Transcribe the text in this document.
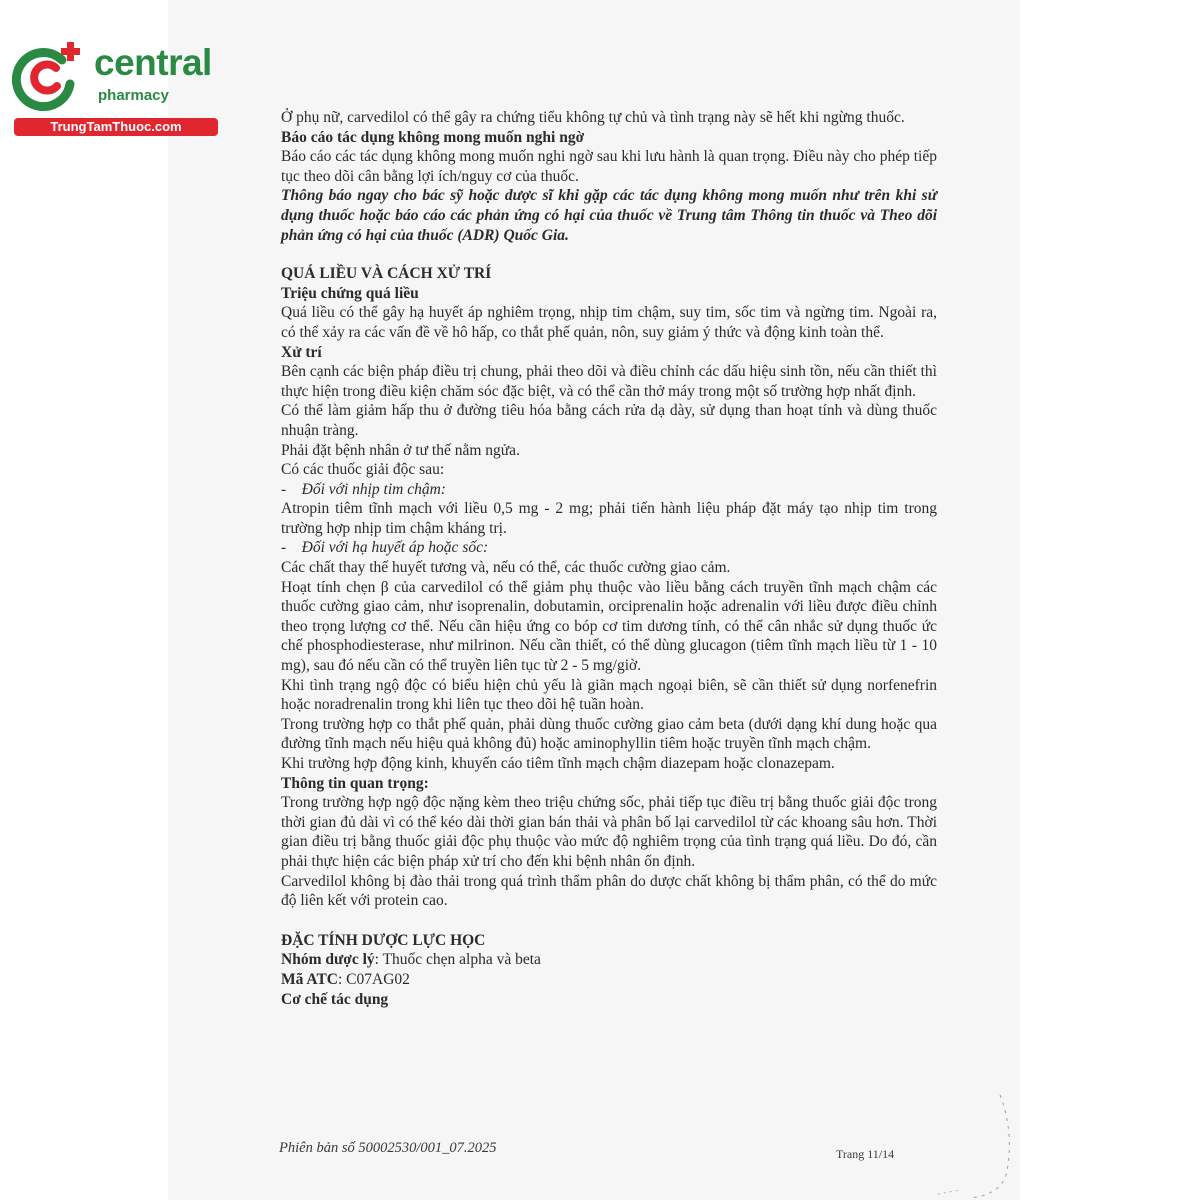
central
pharmacy
TrungTamThuoc.com

Ở phụ nữ, carvedilol có thể gây ra chứng tiểu không tự chủ và tình trạng này sẽ hết khi ngừng thuốc.

Báo cáo tác dụng không mong muốn nghi ngờ

Báo cáo các tác dụng không mong muốn nghi ngờ sau khi lưu hành là quan trọng. Điều này cho phép tiếp tục theo dõi cân bằng lợi ích/nguy cơ của thuốc.

Thông báo ngay cho bác sỹ hoặc dược sĩ khi gặp các tác dụng không mong muốn như trên khi sử dụng thuốc hoặc báo cáo các phản ứng có hại của thuốc về Trung tâm Thông tin thuốc và Theo dõi phản ứng có hại của thuốc (ADR) Quốc Gia.

QUÁ LIỀU VÀ CÁCH XỬ TRÍ

Triệu chứng quá liều

Quá liều có thể gây hạ huyết áp nghiêm trọng, nhịp tim chậm, suy tim, sốc tim và ngừng tim. Ngoài ra, có thể xảy ra các vấn đề về hô hấp, co thắt phế quản, nôn, suy giảm ý thức và động kinh toàn thể.

Xử trí

Bên cạnh các biện pháp điều trị chung, phải theo dõi và điều chỉnh các dấu hiệu sinh tồn, nếu cần thiết thì thực hiện trong điều kiện chăm sóc đặc biệt, và có thể cần thở máy trong một số trường hợp nhất định.

Có thể làm giảm hấp thu ở đường tiêu hóa bằng cách rửa dạ dày, sử dụng than hoạt tính và dùng thuốc nhuận tràng.

Phải đặt bệnh nhân ở tư thế nằm ngửa.

Có các thuốc giải độc sau:

-    Đối với nhịp tim chậm:

Atropin tiêm tĩnh mạch với liều 0,5 mg - 2 mg; phải tiến hành liệu pháp đặt máy tạo nhịp tim trong trường hợp nhịp tim chậm kháng trị.

-    Đối với hạ huyết áp hoặc sốc:

Các chất thay thế huyết tương và, nếu có thể, các thuốc cường giao cảm.

Hoạt tính chẹn β của carvedilol có thể giảm phụ thuộc vào liều bằng cách truyền tĩnh mạch chậm các thuốc cường giao cảm, như isoprenalin, dobutamin, orciprenalin hoặc adrenalin với liều được điều chỉnh theo trọng lượng cơ thể. Nếu cần hiệu ứng co bóp cơ tim dương tính, có thể cân nhắc sử dụng thuốc ức chế phosphodiesterase, như milrinon. Nếu cần thiết, có thể dùng glucagon (tiêm tĩnh mạch liều từ 1 - 10 mg), sau đó nếu cần có thể truyền liên tục từ 2 - 5 mg/giờ.

Khi tình trạng ngộ độc có biểu hiện chủ yếu là giãn mạch ngoại biên, sẽ cần thiết sử dụng norfenefrin hoặc noradrenalin trong khi liên tục theo dõi hệ tuần hoàn.

Trong trường hợp co thắt phế quản, phải dùng thuốc cường giao cảm beta (dưới dạng khí dung hoặc qua đường tĩnh mạch nếu hiệu quả không đủ) hoặc aminophyllin tiêm hoặc truyền tĩnh mạch chậm.

Khi trường hợp động kinh, khuyến cáo tiêm tĩnh mạch chậm diazepam hoặc clonazepam.

Thông tin quan trọng:

Trong trường hợp ngộ độc nặng kèm theo triệu chứng sốc, phải tiếp tục điều trị bằng thuốc giải độc trong thời gian đủ dài vì có thể kéo dài thời gian bán thải và phân bố lại carvedilol từ các khoang sâu hơn. Thời gian điều trị bằng thuốc giải độc phụ thuộc vào mức độ nghiêm trọng của tình trạng quá liều. Do đó, cần phải thực hiện các biện pháp xử trí cho đến khi bệnh nhân ổn định.

Carvedilol không bị đào thải trong quá trình thẩm phân do dược chất không bị thẩm phân, có thể do mức độ liên kết với protein cao.

ĐẶC TÍNH DƯỢC LỰC HỌC

Nhóm dược lý: Thuốc chẹn alpha và beta

Mã ATC: C07AG02

Cơ chế tác dụng

Phiên bản số 50002530/001_07.2025	Trang 11/14
